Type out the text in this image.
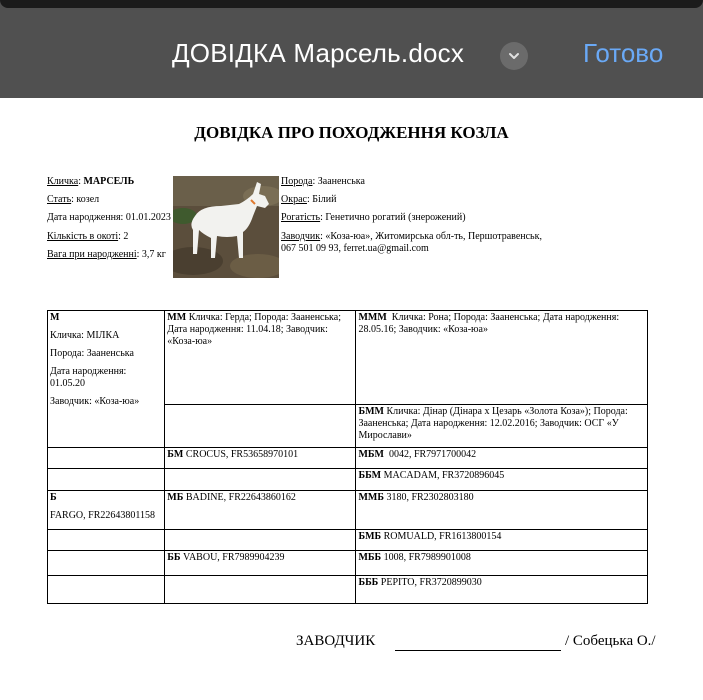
ДОВІДКА Марсель.docx	Готово
ДОВІДКА ПРО ПОХОДЖЕННЯ КОЗЛА
Кличка: МАРСЕЛЬ
Стать: козел
Дата народження: 01.01.2023
Кількість в окоті: 2
Вага при народженні: 3,7 кг
Порода: Зааненська
Окрас: Білий
Рогатість: Генетично рогатий (знерожений)
Заводчик: «Коза-юа», Житомирська обл-ть, Першотравенськ,
067 501 09 93, ferret.ua@gmail.com
М
Кличка: МІЛКА
Порода: Зааненська
Дата народження: 01.05.20
Заводчик: «Коза-юа»	ММ Кличка: Герда; Порода: Зааненська; Дата народження: 11.04.18; Заводчик: «Коза-юа»	МММ Кличка: Рона; Порода: Зааненська; Дата народження: 28.05.16; Заводчик: «Коза-юа»
		БММ Кличка: Дінар (Дінара х Цезарь «Золота Коза»); Порода: Зааненська; Дата народження: 12.02.2016; Заводчик: ОСГ «У Мирослави»
	БМ CROCUS, FR53658970101	МБМ 0042, FR7971700042
		ББМ MACADAM, FR3720896045

Б
FARGO, FR22643801158	МБ BADINE, FR22643860162	ММБ 3180, FR2302803180
		БМБ ROMUALD, FR1613800154
	ББ VABOU, FR7989904239	МББ 1008, FR7989901008
		БББ PEPITO, FR3720899030
ЗАВОДЧИК	/ Собецька О./
